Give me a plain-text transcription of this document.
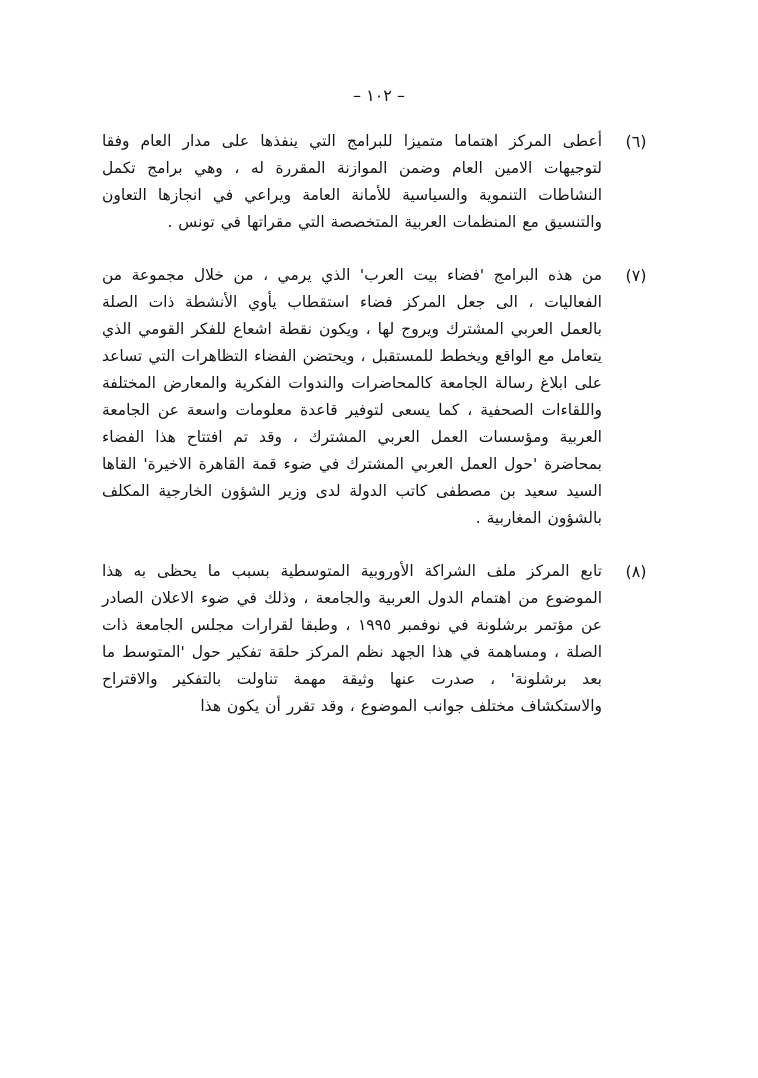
– ١٠٢ –
(٦)
أعطى المركز اهتماما متميزا للبرامج التي ينفذها على مدار العام وفقا لتوجيهات الامين العام وضمن الموازنة المقررة له ، وهي برامج تكمل النشاطات التنموية والسياسية للأمانة العامة ويراعي في انجازها التعاون والتنسيق مع المنظمات العربية المتخصصة التي مقراتها في تونس .
(٧)
من هذه البرامج 'فضاء بيت العرب' الذي يرمي ، من خلال مجموعة من الفعاليات ، الى جعل المركز فضاء استقطاب يأوي الأنشطة ذات الصلة بالعمل العربي المشترك ويروج لها ، ويكون نقطة اشعاع للفكر القومي الذي يتعامل مع الواقع ويخطط للمستقبل ، ويحتضن الفضاء التظاهرات التي تساعد على ابلاغ رسالة الجامعة كالمحاضرات والندوات الفكرية والمعارض المختلفة واللقاءات الصحفية ، كما يسعى لتوفير قاعدة معلومات واسعة عن الجامعة العربية ومؤسسات العمل العربي المشترك ، وقد تم افتتاح هذا الفضاء بمحاضرة 'حول العمل العربي المشترك في ضوء قمة القاهرة الاخيرة' القاها السيد سعيد بن مصطفى كاتب الدولة لدى وزير الشؤون الخارجية المكلف بالشؤون المغاربية .
(٨)
تابع المركز ملف الشراكة الأوروبية المتوسطية بسبب ما يحظى به هذا الموضوع من اهتمام الدول العربية والجامعة ، وذلك في ضوء الاعلان الصادر عن مؤتمر برشلونة في نوفمبر ١٩٩٥ ، وطبقا لقرارات مجلس الجامعة ذات الصلة ، ومساهمة في هذا الجهد نظم المركز حلقة تفكير حول 'المتوسط ما بعد برشلونة' ، صدرت عنها وثيقة مهمة تناولت بالتفكير والاقتراح والاستكشاف مختلف جوانب الموضوع ، وقد تقرر أن يكون هذا
